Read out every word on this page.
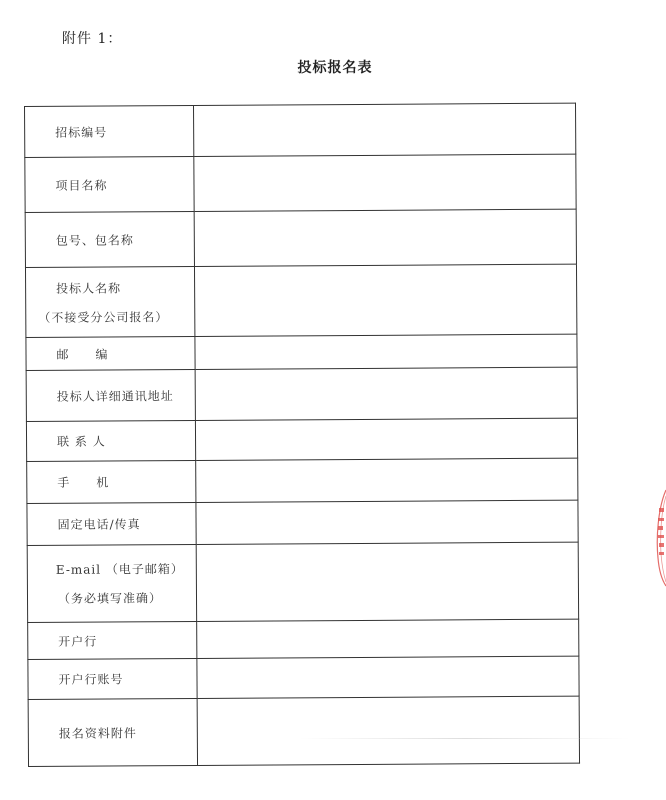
附件 1：
投标报名表
招标编号

项目名称

包号、包名称

投标人名称
（不接受分公司报名）

邮　　编

投标人详细通讯地址

联 系 人

手　　机

固定电话/传真

E-mail （电子邮箱）
（务必填写准确）

开户行

开户行账号

报名资料附件
